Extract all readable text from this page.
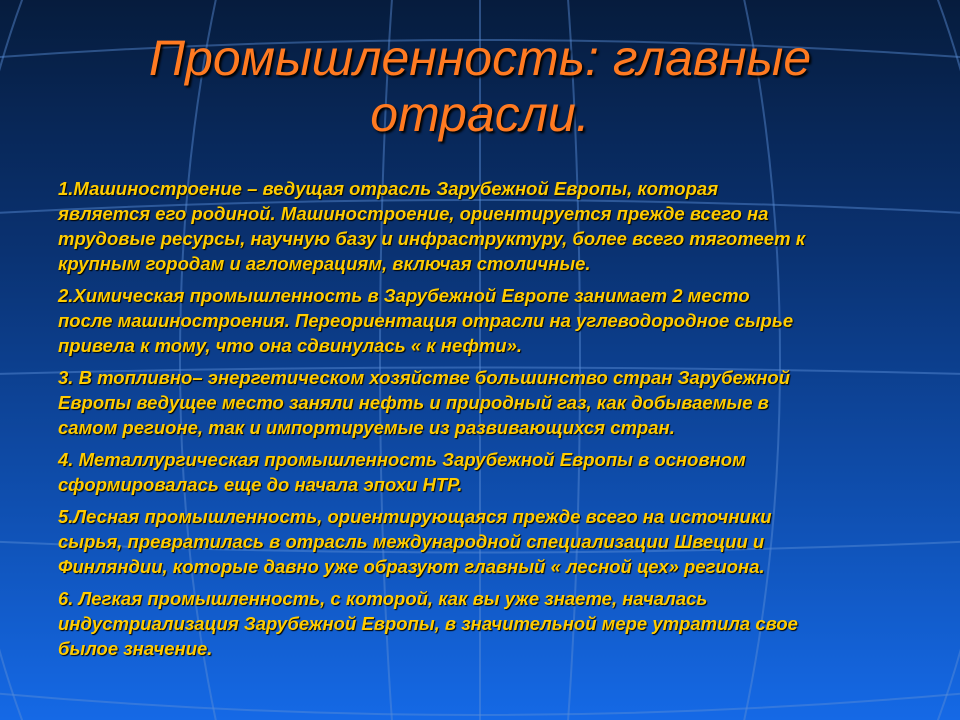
Промышленность: главные
отрасли.
1.Машиностроение – ведущая отрасль Зарубежной Европы, которая
является его родиной. Машиностроение, ориентируется прежде всего на
трудовые ресурсы, научную базу и инфраструктуру, более всего тяготеет к
крупным городам и агломерациям, включая столичные.
2.Химическая промышленность в Зарубежной Европе занимает 2 место
после машиностроения. Переориентация отрасли на углеводородное сырье
привела к тому, что она сдвинулась « к нефти».
3. В топливно– энергетическом хозяйстве большинство стран Зарубежной
Европы ведущее место заняли нефть и природный газ, как добываемые в
самом регионе, так и импортируемые из развивающихся стран.
4. Металлургическая промышленность Зарубежной Европы в основном
сформировалась еще до начала эпохи НТР.
5.Лесная промышленность, ориентирующаяся прежде всего на источники
сырья, превратилась в отрасль международной специализации Швеции и
Финляндии, которые давно уже образуют главный « лесной цех» региона.
6. Легкая промышленность, с которой, как вы уже знаете, началась
индустриализация Зарубежной Европы, в значительной мере утратила свое
былое значение.
